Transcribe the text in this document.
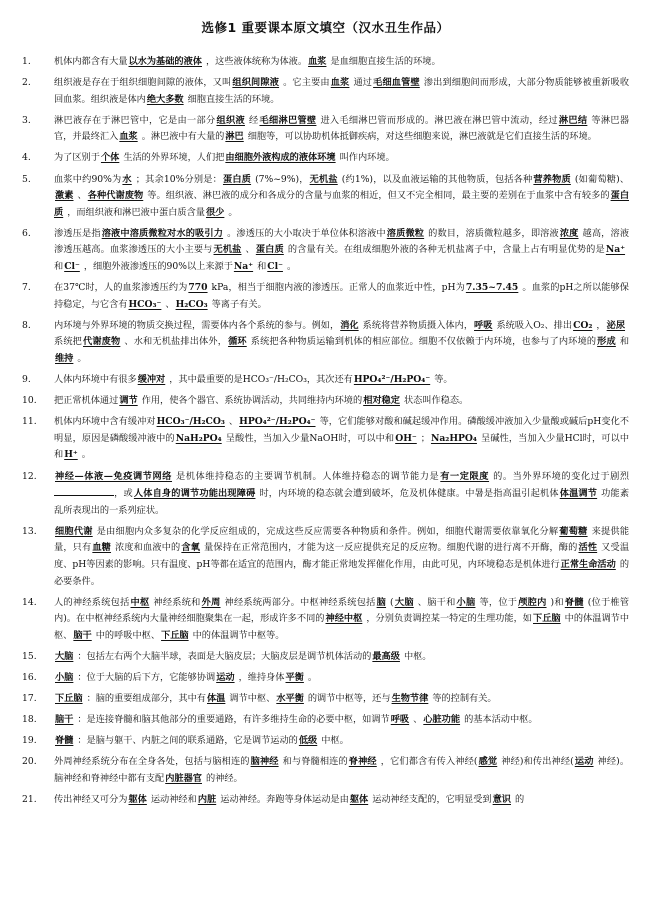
选修1 重要课本原文填空（汉水丑生作品）
1.	机体内都含有大量以水为基础的液体 ，这些液体统称为体液。血浆 是血细胞直接生活的环境。
2.	组织液是存在于组织细胞间隙的液体，又叫组织间隙液 。它主要由血浆 通过毛细血管壁 渗出到细胞间而形成，大部分物质能够被重新吸收回血浆。组织液是体内绝大多数 细胞直接生活的环境。
3.	淋巴液存在于淋巴管中，它是由一部分组织液 经毛细淋巴管壁 进入毛细淋巴管而形成的。淋巴液在淋巴管中流动，经过淋巴结 等淋巴器官，并最终汇入血浆 。淋巴液中有大量的淋巴 细胞等，可以协助机体抵御疾病，对这些细胞来说，淋巴液就是它们直接生活的环境。
4.	为了区别于个体 生活的外界环境，人们把由细胞外液构成的液体环境 叫作内环境。
5.	血浆中约90%为水 ；其余10%分别是：蛋白质 (7%~9%)，无机盐 (约1%)，以及血液运输的其他物质，包括各种营养物质 (如葡萄糖)、激素 、各种代谢废物 等。组织液、淋巴液的成分和各成分的含量与血浆的相近，但又不完全相同，最主要的差别在于血浆中含有较多的蛋白质 ，而组织液和淋巴液中蛋白质含量很少 。
6.	渗透压是指溶液中溶质微粒对水的吸引力 。渗透压的大小取决于单位体积溶液中溶质微粒 的数目，溶质微粒越多，即溶液浓度 越高，溶液渗透压越高。血浆渗透压的大小主要与无机盐 、蛋白质 的含量有关。在组成细胞外液的各种无机盐离子中，含量上占有明显优势的是Na⁺和Cl⁻ ，细胞外液渗透压的90%以上来源于Na⁺ 和Cl⁻ 。
7.	在37℃时，人的血浆渗透压约为770 kPa，相当于细胞内液的渗透压。正常人的血浆近中性，pH为7.35~7.45 。血浆的pH之所以能够保持稳定，与它含有HCO₃⁻ 、H₂CO₃ 等离子有关。
8.	内环境与外界环境的物质交换过程，需要体内各个系统的参与。例如，消化 系统将营养物质摄入体内，呼吸 系统吸入O₂、排出CO₂ ，泌尿系统把代谢废物 、水和无机盐排出体外，循环 系统把各种物质运输到机体的相应部位。细胞不仅依赖于内环境，也参与了内环境的形成 和维持 。
9.	人体内环境中有很多缓冲对 ，其中最重要的是HCO₃⁻/H₂CO₃，其次还有HPO₄²⁻/H₂PO₄⁻ 等。
10.	把正常机体通过调节 作用，使各个器官、系统协调活动，共同维持内环境的相对稳定 状态叫作稳态。
11.	机体内环境中含有缓冲对HCO₃⁻/H₂CO₃ 、HPO₄²⁻/H₂PO₄⁻ 等，它们能够对酸和碱起缓冲作用。磷酸缓冲液加入少量酸或碱后pH变化不明显，原因是磷酸缓冲液中的NaH₂PO₄ 呈酸性，当加入少量NaOH时，可以中和OH⁻ ；Na₂HPO₄ 呈碱性，当加入少量HCl时，可以中和H⁺ 。
12.	神经—体液—免疫调节网络 是机体维持稳态的主要调节机制。人体维持稳态的调节能力是有一定限度 的。当外界环境的变化过于剧烈，或人体自身的调节功能出现障碍 时，内环境的稳态就会遭到破坏，危及机体健康。中暑是指高温引起机体体温调节 功能紊乱所表现出的一系列症状。
13.	细胞代谢 是由细胞内众多复杂的化学反应组成的，完成这些反应需要各种物质和条件。例如，细胞代谢需要依靠氧化分解葡萄糖 来提供能量，只有血糖 浓度和血液中的含氧 量保持在正常范围内，才能为这一反应提供充足的反应物。细胞代谢的进行离不开酶，酶的活性 又受温度、pH等因素的影响。只有温度、pH等都在适宜的范围内，酶才能正常地发挥催化作用，由此可见，内环境稳态是机体进行正常生命活动 的必要条件。
14.	人的神经系统包括中枢 神经系统和外周 神经系统两部分。中枢神经系统包括脑 (大脑 、脑干和小脑 等，位于颅腔内 )和脊髓 (位于椎管内)。在中枢神经系统内大量神经细胞聚集在一起，形成许多不同的神经中枢 ，分别负责调控某一特定的生理功能，如下丘脑 中的体温调节中枢、脑干 中的呼吸中枢、下丘脑 中的体温调节中枢等。
15.	大脑 ：包括左右两个大脑半球，表面是大脑皮层；大脑皮层是调节机体活动的最高级 中枢。
16.	小脑 ：位于大脑的后下方，它能够协调运动 ，维持身体平衡 。
17.	下丘脑 ：脑的重要组成部分，其中有体温 调节中枢、水平衡 的调节中枢等，还与生物节律 等的控制有关。
18.	脑干 ：是连接脊髓和脑其他部分的重要通路，有许多维持生命的必要中枢，如调节呼吸 、心脏功能 的基本活动中枢。
19.	脊髓 ：是脑与躯干、内脏之间的联系通路，它是调节运动的低级 中枢。
20.	外周神经系统分布在全身各处，包括与脑相连的脑神经 和与脊髓相连的脊神经 ，它们都含有传入神经(感觉 神经)和传出神经(运动 神经)。脑神经和脊神经中都有支配内脏器官 的神经。
21.	传出神经又可分为躯体 运动神经和内脏 运动神经。奔跑等身体运动是由躯体 运动神经支配的，它明显受到意识 的
